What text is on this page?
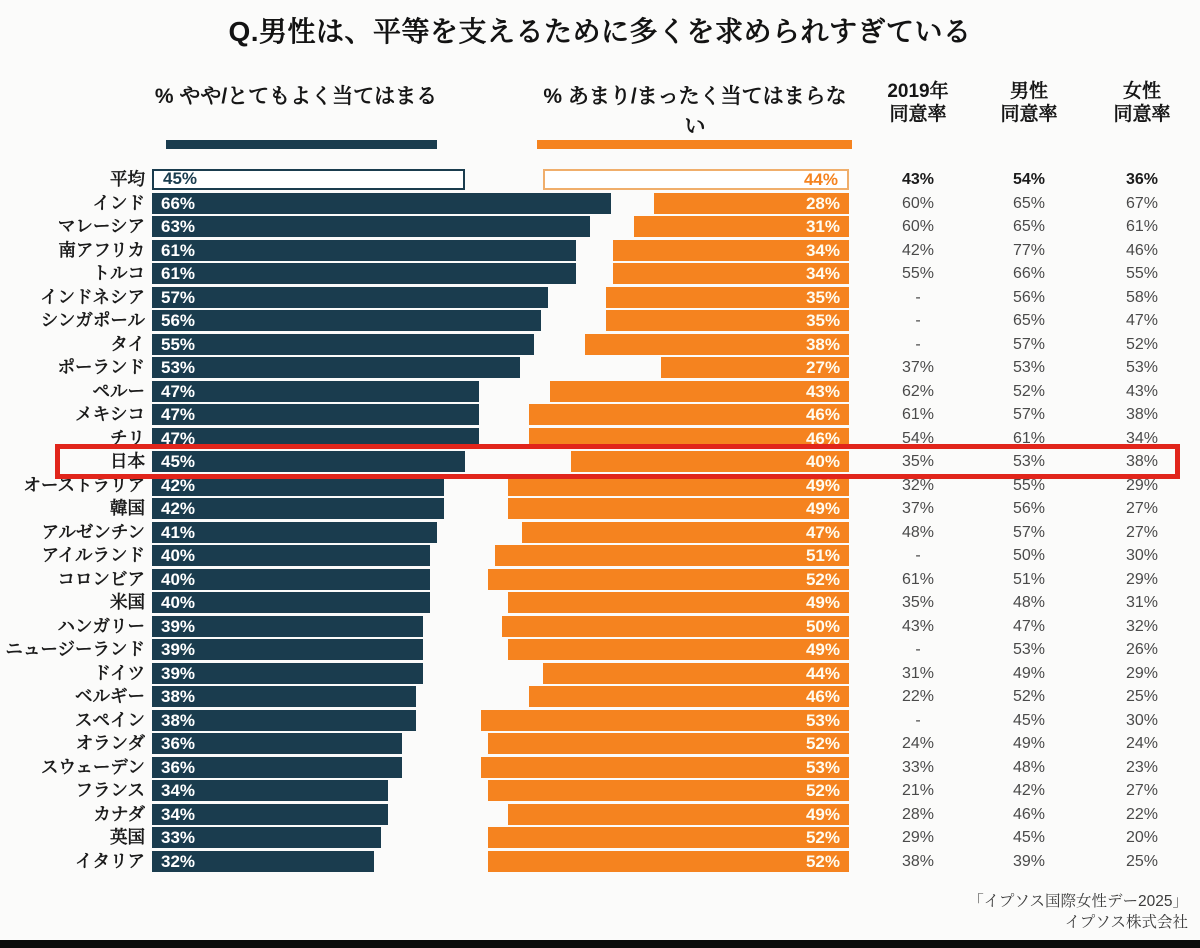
Q.男性は、平等を支えるために多くを求められすぎている
% やや/とてもよく当てはまる	% あまり/まったく当てはまらない
2019年
同意率
男性
同意率
女性
同意率
平均	45%	44%	43%	54%	36%
インド 66%	28%	60%	65%	67%
マレーシア 63%	31%	60%	65%	61%
南アフリカ 61%	34%	42%	77%	46%
トルコ 61%	34%	55%	66%	55%
インドネシア 57%	35%	-	56%	58%
シンガポール 56%	35%	-	65%	47%
タイ 55%	38%	-	57%	52%
ポーランド 53%	27%	37%	53%	53%
ペルー 47%	43%	62%	52%	43%
メキシコ 47%	46%	61%	57%	38%
チリ 47%	46%	54%	61%	34%
日本 45%	40%	35%	53%	38%
オーストラリア 42%	49%	32%	55%	29%
韓国 42%	49%	37%	56%	27%
アルゼンチン 41%	47%	48%	57%	27%
アイルランド 40%	51%	-	50%	30%
コロンビア 40%	52%	61%	51%	29%
米国 40%	49%	35%	48%	31%
ハンガリー 39%	50%	43%	47%	32%
ニュージーランド 39%	49%	-	53%	26%
ドイツ 39%	44%	31%	49%	29%
ベルギー 38%	46%	22%	52%	25%
スペイン 38%	53%	-	45%	30%
オランダ 36%	52%	24%	49%	24%
スウェーデン 36%	53%	33%	48%	23%
フランス 34%	52%	21%	42%	27%
カナダ 34%	49%	28%	46%	22%
英国 33%	52%	29%	45%	20%
イタリア 32%	52%	38%	39%	25%
「イプソス国際女性デー2025」
イプソス株式会社
